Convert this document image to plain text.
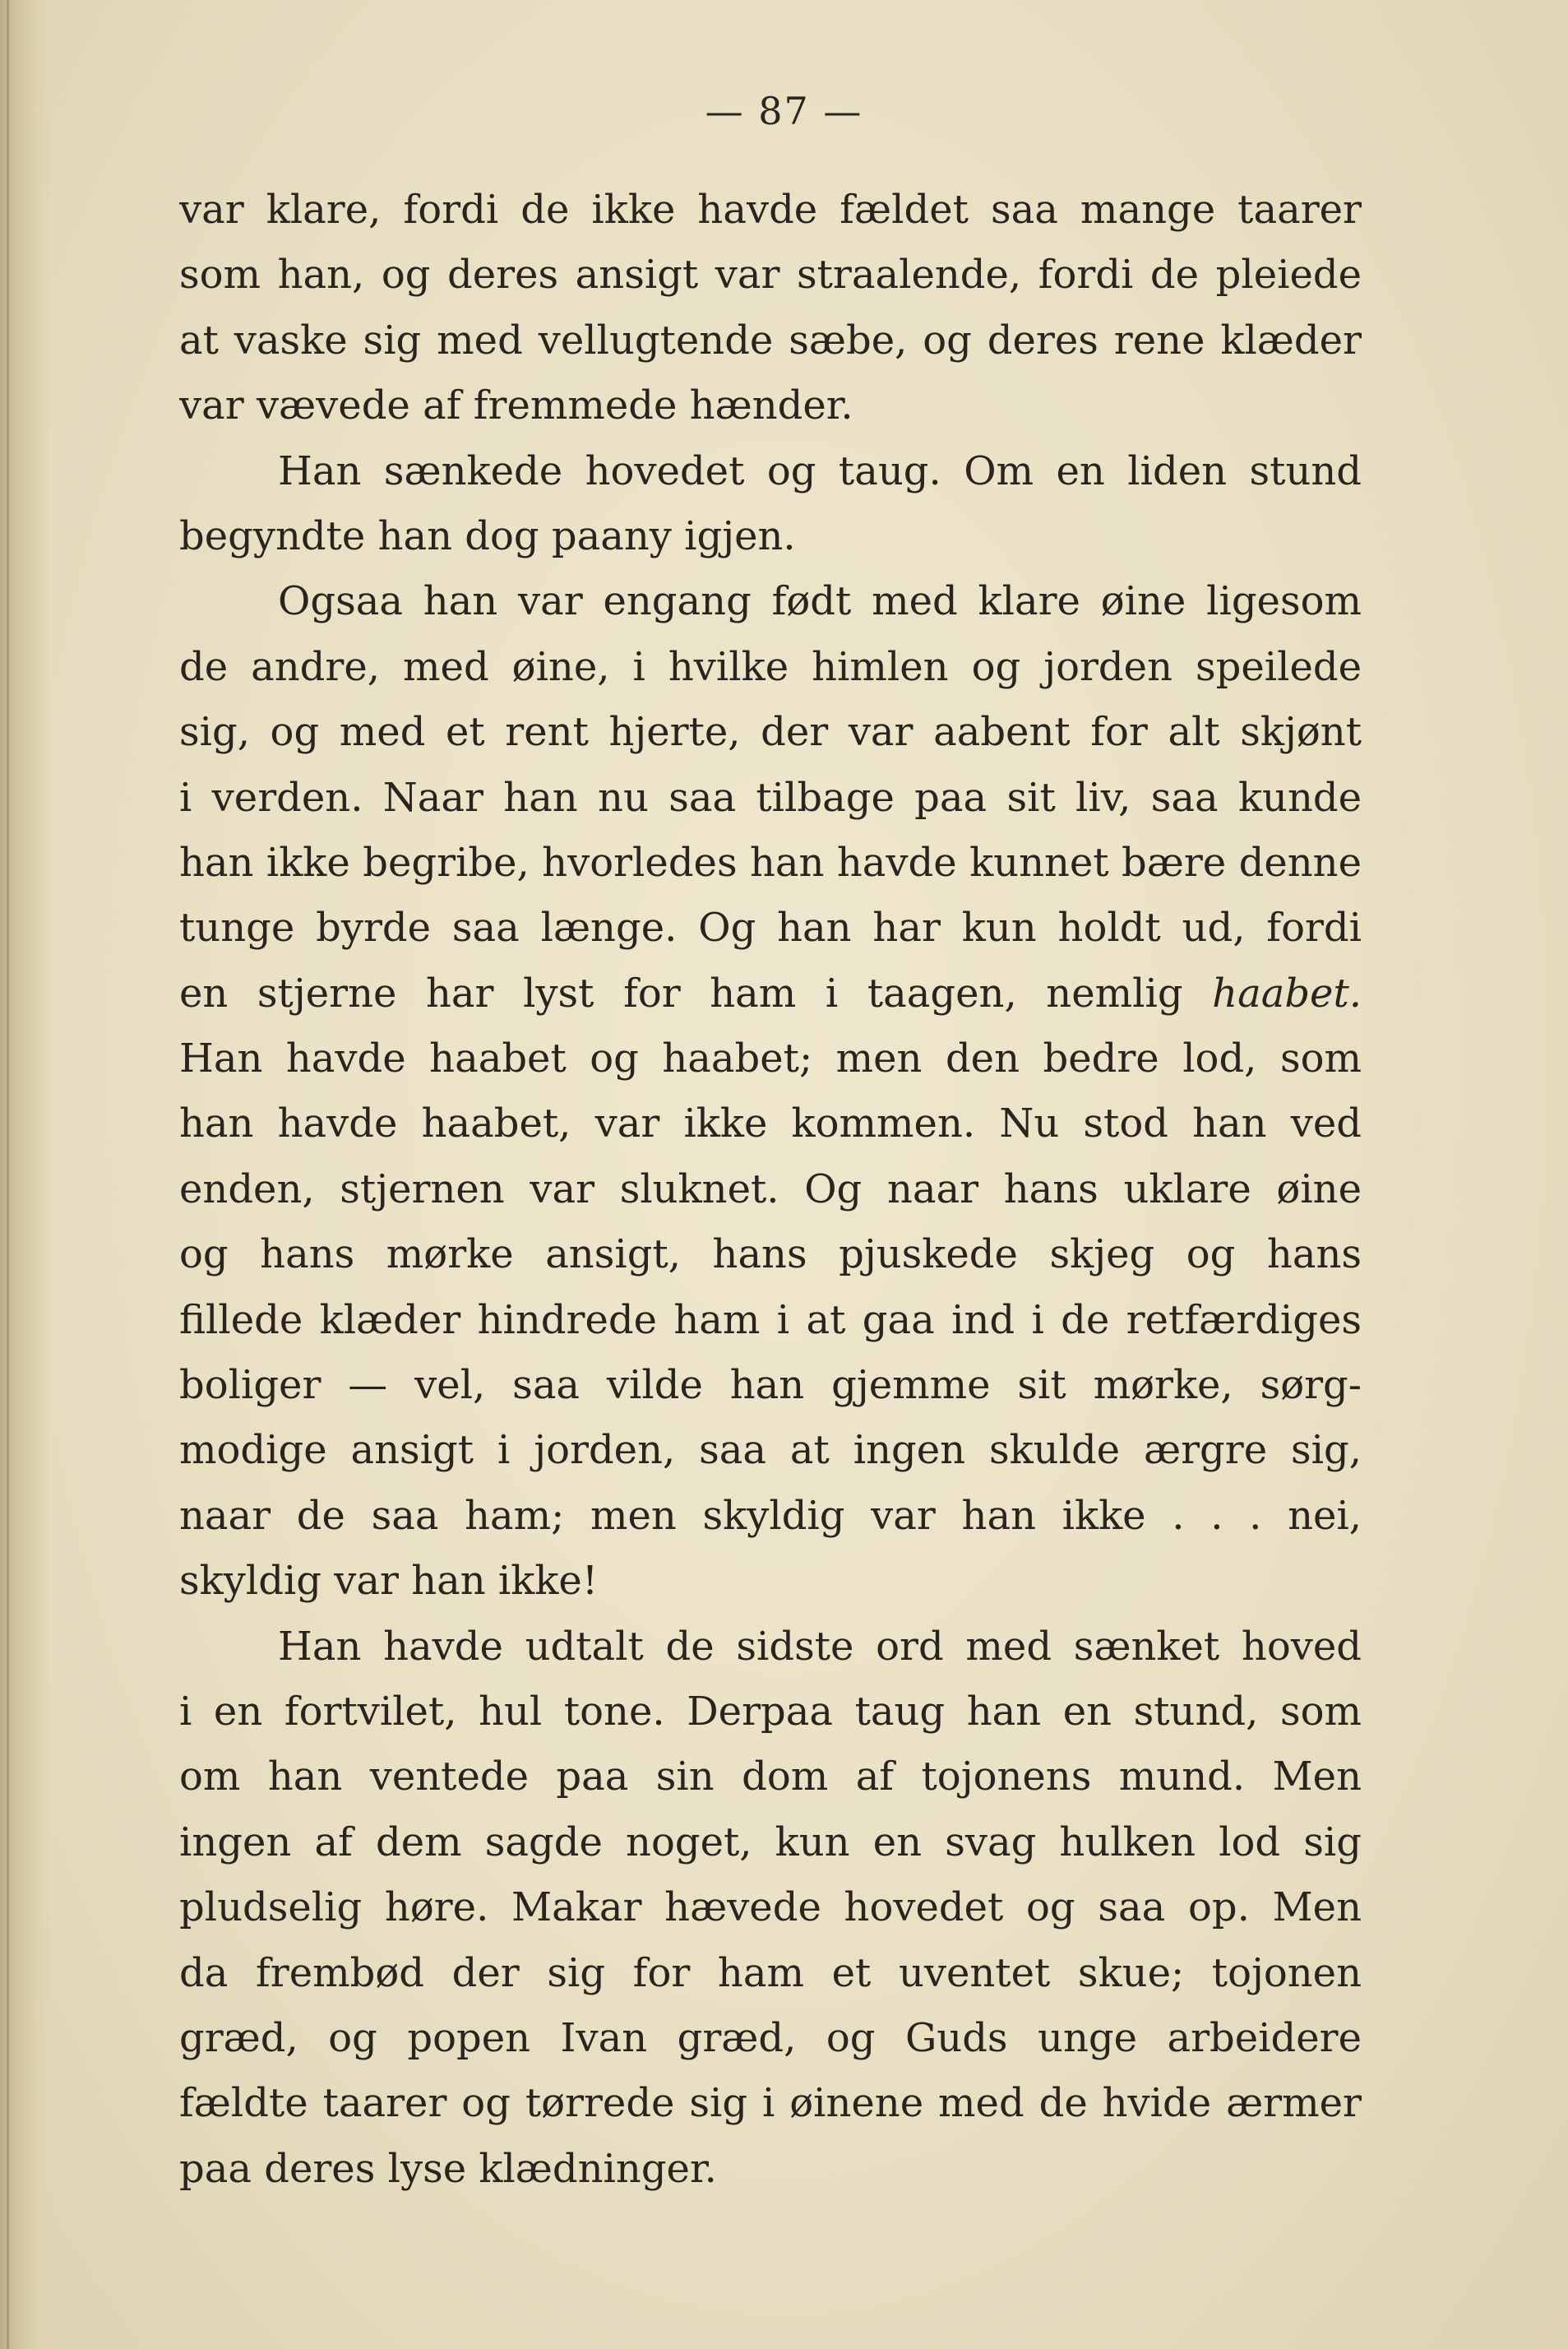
— 87 —
var klare, fordi de ikke havde fældet saa mange taarer
som han, og deres ansigt var straalende, fordi de pleiede
at vaske sig med vellugtende sæbe, og deres rene klæder
var vævede af fremmede hænder.
Han sænkede hovedet og taug. Om en liden stund
begyndte han dog paany igjen.
Ogsaa han var engang født med klare øine ligesom
de andre, med øine, i hvilke himlen og jorden speilede
sig, og med et rent hjerte, der var aabent for alt skjønt
i verden. Naar han nu saa tilbage paa sit liv, saa kunde
han ikke begribe, hvorledes han havde kunnet bære denne
tunge byrde saa længe. Og han har kun holdt ud, fordi
en stjerne har lyst for ham i taagen, nemlig haabet.
Han havde haabet og haabet; men den bedre lod, som
han havde haabet, var ikke kommen. Nu stod han ved
enden, stjernen var sluknet. Og naar hans uklare øine
og hans mørke ansigt, hans pjuskede skjeg og hans
fillede klæder hindrede ham i at gaa ind i de retfærdiges
boliger — vel, saa vilde han gjemme sit mørke, sørg-
modige ansigt i jorden, saa at ingen skulde ærgre sig,
naar de saa ham; men skyldig var han ikke . . . nei,
skyldig var han ikke!
Han havde udtalt de sidste ord med sænket hoved
i en fortvilet, hul tone. Derpaa taug han en stund, som
om han ventede paa sin dom af tojonens mund. Men
ingen af dem sagde noget, kun en svag hulken lod sig
pludselig høre. Makar hævede hovedet og saa op. Men
da frembød der sig for ham et uventet skue; tojonen
græd, og popen Ivan græd, og Guds unge arbeidere
fældte taarer og tørrede sig i øinene med de hvide ærmer
paa deres lyse klædninger.
